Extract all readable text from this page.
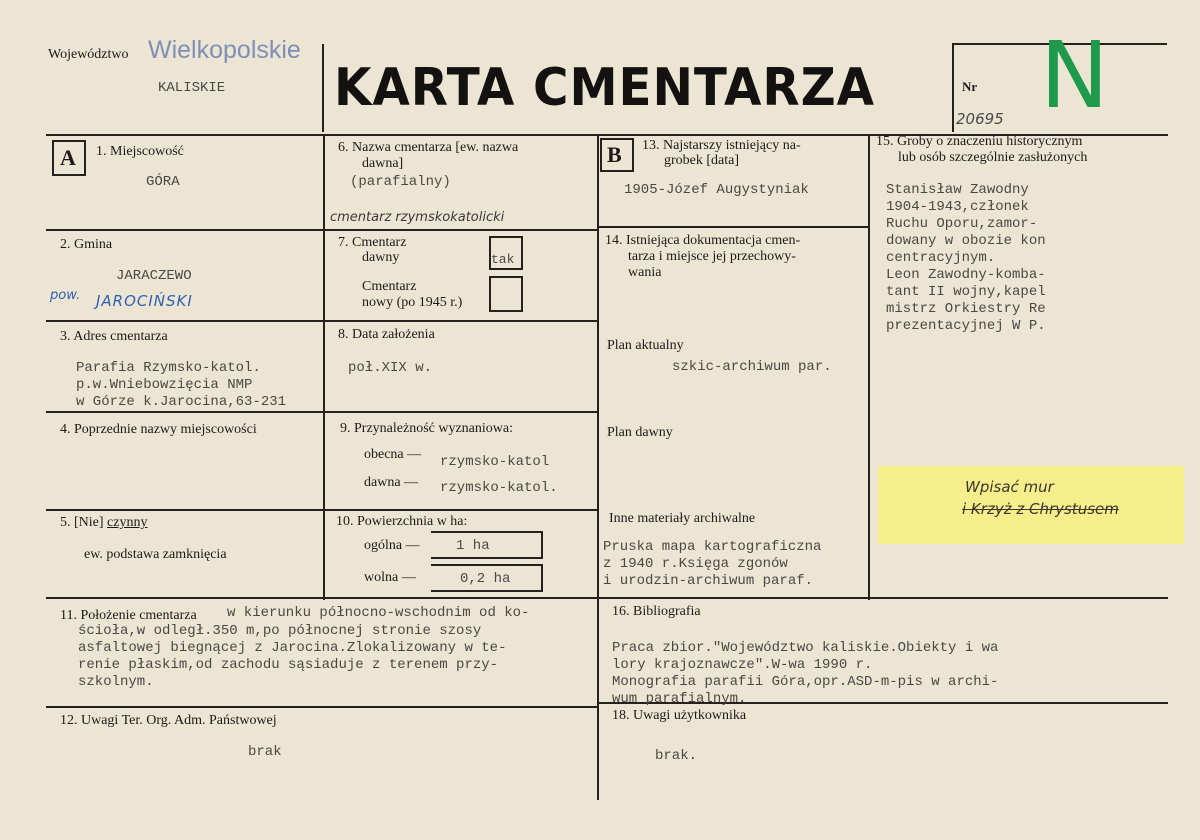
Województwo Wielkopolskie
KALISKIE KARTA CMENTARZA	Nr N
20695
A 1. Miejscowość
GÓRA
2. Gmina
JARACZEWO
pow. JAROCIŃSKI
3. Adres cmentarza
Parafia Rzymsko-katol.
p.w.Wniebowzięcia NMP
w Górze k.Jarocina,63-231
4. Poprzednie nazwy miejscowości
5. [Nie] czynny
ew. podstawa zamknięcia
6. Nazwa cmentarza [ew. nazwa
dawna]
(parafialny)
cmentarz rzymskokatolicki
7. Cmentarz
dawny	tak
Cmentarz
nowy (po 1945 r.)
8. Data założenia
poł.XIX w.
9. Przynależność wyznaniowa:
obecna — rzymsko-katol
dawna — rzymsko-katol.
10. Powierzchnia w ha:
ogólna —	1 ha
wolna —	0,2 ha
B 13. Najstarszy istniejący na-
grobek [data]
1905-Józef Augystyniak
14. Istniejąca dokumentacja cmen-
tarza i miejsce jej przechowy-
wania
Plan aktualny
szkic-archiwum par.
Plan dawny
Inne materiały archiwalne
Pruska mapa kartograficzna
z 1940 r.Księga zgonów
i urodzin-archiwum paraf.
15. Groby o znaczeniu historycznym
lub osób szczególnie zasłużonych
Stanisław Zawodny
1904-1943,członek
Ruchu Oporu,zamor-
dowany w obozie kon
centracyjnym.
Leon Zawodny-komba-
tant II wojny,kapel
mistrz Orkiestry Re
prezentacyjnej W P.
Wpisać mur
i Krzyż z Chrystusem
11. Położenie cmentarza w kierunku północno-wschodnim od ko-
ścioła,w odległ.350 m,po północnej stronie szosy
asfaltowej biegnącej z Jarocina.Zlokalizowany w te-
renie płaskim,od zachodu sąsiaduje z terenem przy-
szkolnym.
12. Uwagi Ter. Org. Adm. Państwowej
brak
16. Bibliografia
Praca zbior."Województwo kaliskie.Obiekty i wa
lory krajoznawcze".W-wa 1990 r.
Monografia parafii Góra,opr.ASD-m-pis w archi-
wum parafialnym.
18. Uwagi użytkownika
brak.
